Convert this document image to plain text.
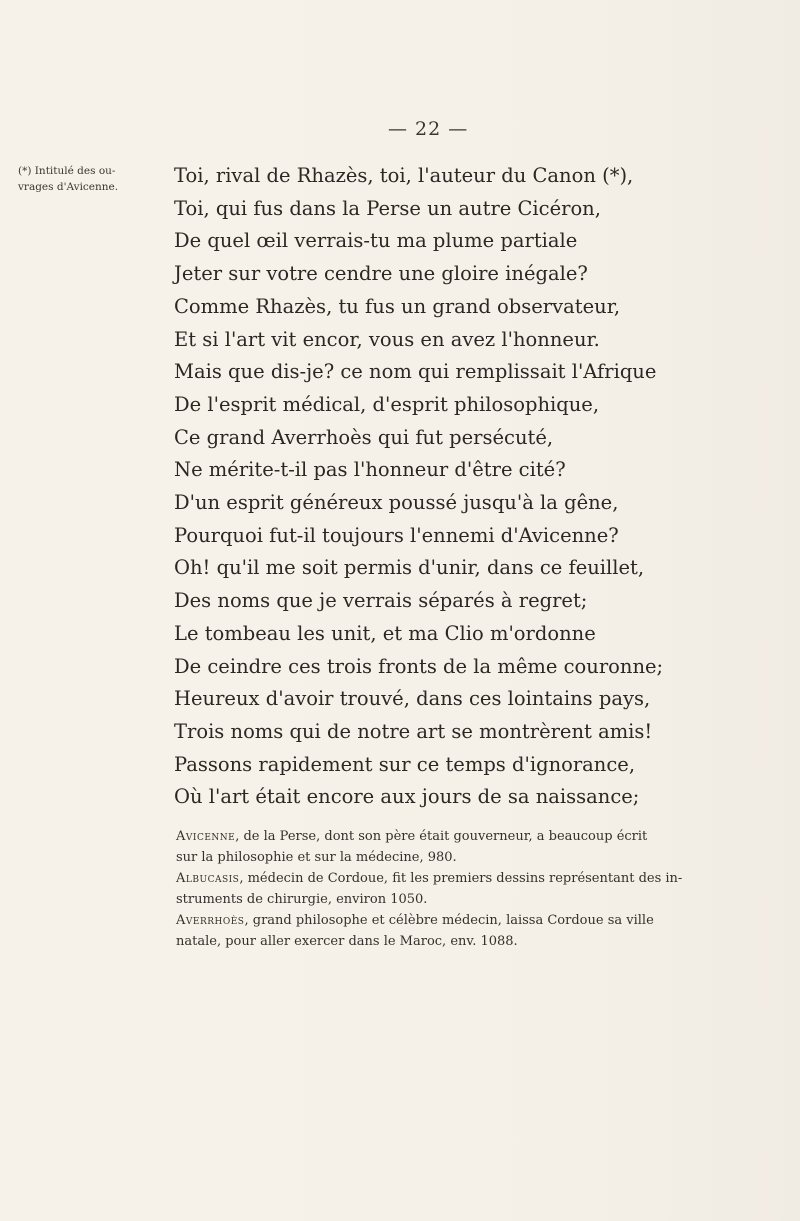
— 22 —
(*) Intitulé des ou-
vrages d'Avicenne.	Toi, rival de Rhazès, toi, l'auteur du Canon (*),
Toi, qui fus dans la Perse un autre Cicéron,
De quel œil verrais-tu ma plume partiale
Jeter sur votre cendre une gloire inégale?
Comme Rhazès, tu fus un grand observateur,
Et si l'art vit encor, vous en avez l'honneur.
Mais que dis-je? ce nom qui remplissait l'Afrique
De l'esprit médical, d'esprit philosophique,
Ce grand Averrhoès qui fut persécuté,
Ne mérite-t-il pas l'honneur d'être cité?
D'un esprit généreux poussé jusqu'à la gêne,
Pourquoi fut-il toujours l'ennemi d'Avicenne?
Oh! qu'il me soit permis d'unir, dans ce feuillet,
Des noms que je verrais séparés à regret;
Le tombeau les unit, et ma Clio m'ordonne
De ceindre ces trois fronts de la même couronne;
Heureux d'avoir trouvé, dans ces lointains pays,
Trois noms qui de notre art se montrèrent amis!
Passons rapidement sur ce temps d'ignorance,
Où l'art était encore aux jours de sa naissance;
Avicenne, de la Perse, dont son père était gouverneur, a beaucoup écrit
sur la philosophie et sur la médecine, 980.
Albucasis, médecin de Cordoue, fit les premiers dessins représentant des in-
struments de chirurgie, environ 1050.
Averrhoès, grand philosophe et célèbre médecin, laissa Cordoue sa ville
natale, pour aller exercer dans le Maroc, env. 1088.
